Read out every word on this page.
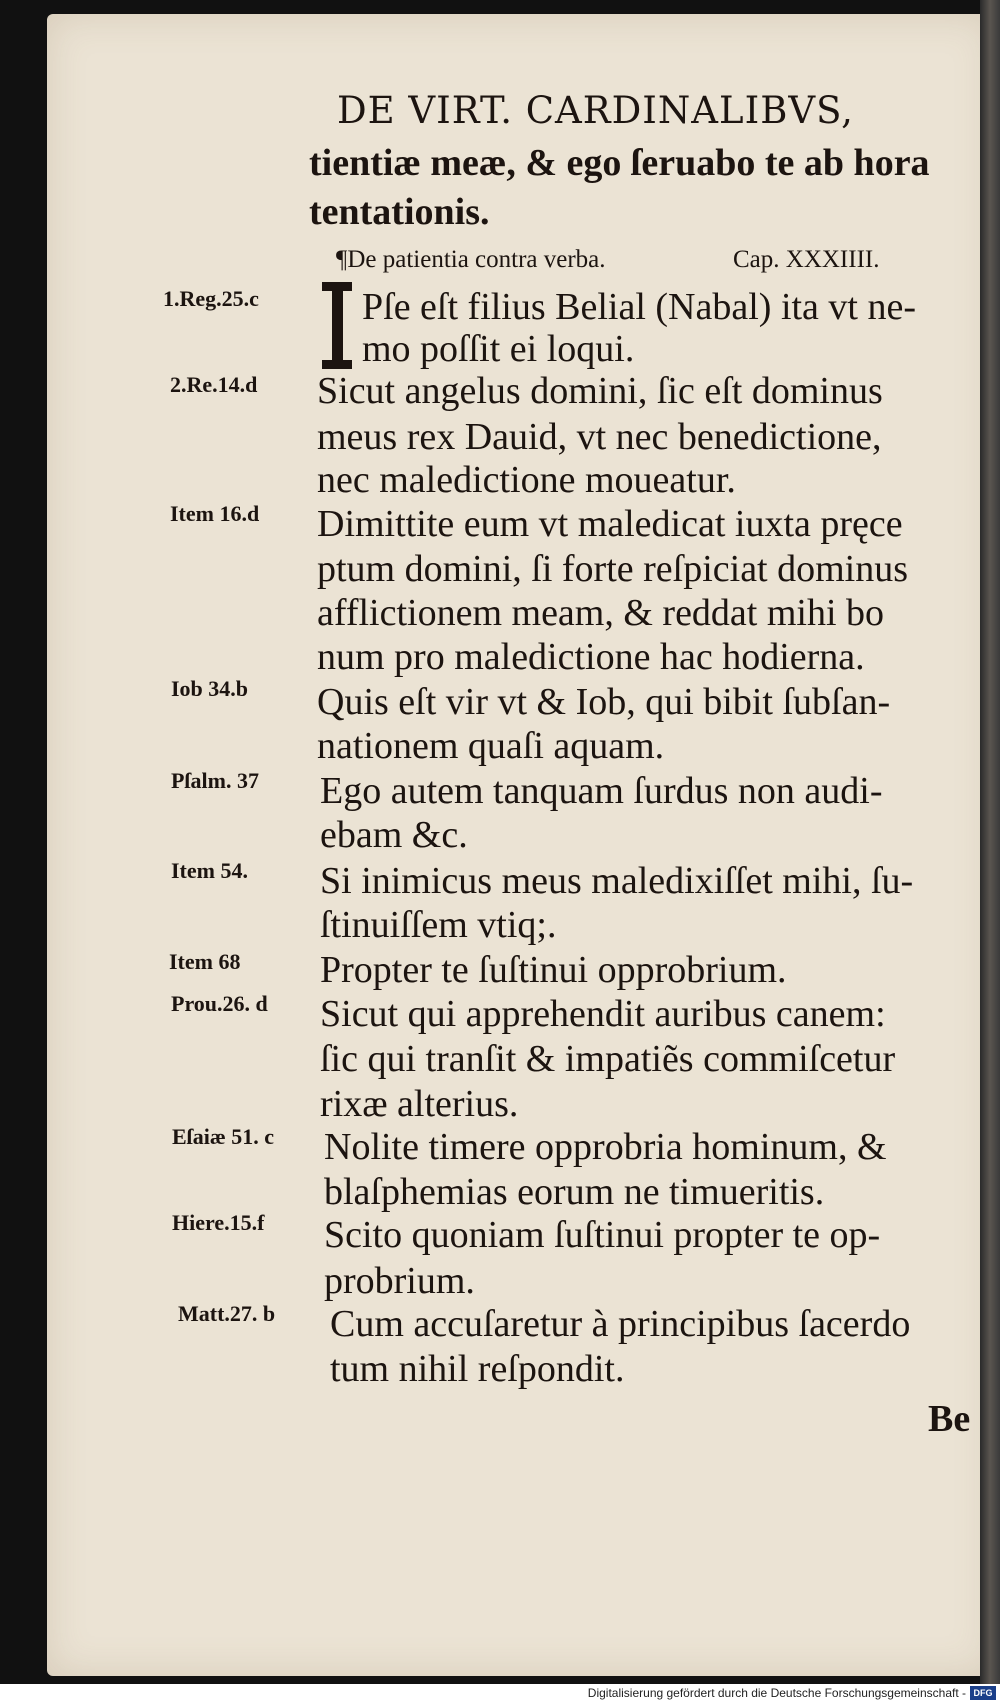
DE VIRT. CARDINALIBVS,
tientiæ meæ, & ego ſeruabo te ab hora
tentationis.
¶De patientia contra verba.	Cap. XXXIIII.
1.Reg.25.c
2.Re.14.d
Item 16.d
Iob 34.b
Pſalm. 37
Item 54.
Item 68
Prou.26. d
Eſaiæ 51. c
Hiere.15.f
Matt.27. b
Pſe eſt filius Belial (Nabal) ita vt ne-
mo poſſit ei loqui.
Sicut angelus domini, ſic eſt dominus
meus rex Dauid, vt nec benedictione,
nec maledictione moueatur.
Dimittite eum vt maledicat iuxta pręce
ptum domini, ſi forte reſpiciat dominus
afflictionem meam, & reddat mihi bo
num pro maledictione hac hodierna.
Quis eſt vir vt & Iob, qui bibit ſubſan-
nationem quaſi aquam.
Ego autem tanquam ſurdus non audi-
ebam &c.
Si inimicus meus maledixiſſet mihi, ſu-
ſtinuiſſem vtiq;.
Propter te ſuſtinui opprobrium.
Sicut qui apprehendit auribus canem:
ſic qui tranſit & impatiẽs commiſcetur
rixæ alterius.
Nolite timere opprobria hominum, &
blaſphemias eorum ne timueritis.
Scito quoniam ſuſtinui propter te op-
probrium.
Cum accuſaretur à principibus ſacerdo
tum nihil reſpondit.
Be
Digitalisierung gefördert durch die Deutsche Forschungsgemeinschaft - DFG
